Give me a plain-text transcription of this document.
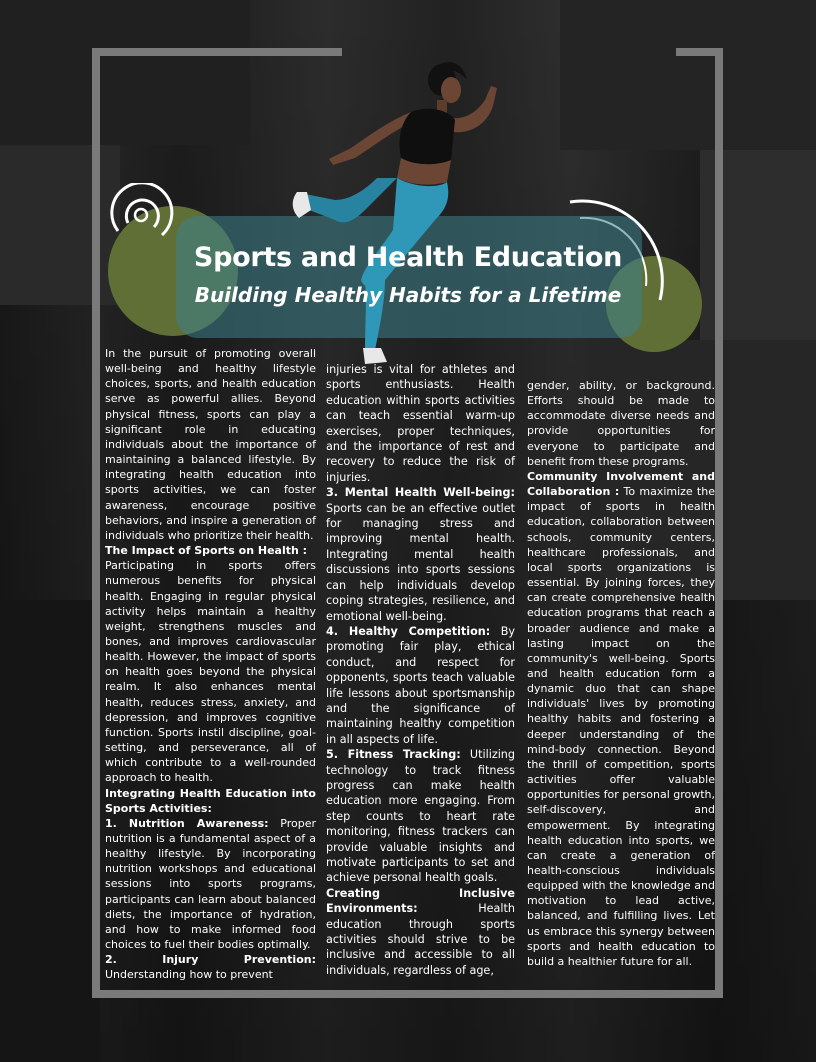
Sports and Health Education
Building Healthy Habits for a Lifetime

In the pursuit of promoting overall well-being and healthy lifestyle choices, sports, and health education serve as powerful allies. Beyond physical fitness, sports can play a significant role in educating individuals about the importance of maintaining a balanced lifestyle. By integrating health education into sports activities, we can foster awareness, encourage positive behaviors, and inspire a generation of individuals who prioritize their health.

The Impact of Sports on Health :

Participating in sports offers numerous benefits for physical health. Engaging in regular physical activity helps maintain a healthy weight, strengthens muscles and bones, and improves cardiovascular health. However, the impact of sports on health goes beyond the physical realm. It also enhances mental health, reduces stress, anxiety, and depression, and improves cognitive function. Sports instil discipline, goal-setting, and perseverance, all of which contribute to a well-rounded approach to health.

Integrating Health Education into Sports Activities:

1. Nutrition Awareness: Proper nutrition is a fundamental aspect of a healthy lifestyle. By incorporating nutrition workshops and educational sessions into sports programs, participants can learn about balanced diets, the importance of hydration, and how to make informed food choices to fuel their bodies optimally.

2. Injury Prevention: Understanding how to prevent

injuries is vital for athletes and sports enthusiasts. Health education within sports activities can teach essential warm-up exercises, proper techniques, and the importance of rest and recovery to reduce the risk of injuries.

3. Mental Health Well-being: Sports can be an effective outlet for managing stress and improving mental health. Integrating mental health discussions into sports sessions can help individuals develop coping strategies, resilience, and emotional well-being.

4. Healthy Competition: By promoting fair play, ethical conduct, and respect for opponents, sports teach valuable life lessons about sportsmanship and the significance of maintaining healthy competition in all aspects of life.

5. Fitness Tracking: Utilizing technology to track fitness progress can make health education more engaging. From step counts to heart rate monitoring, fitness trackers can provide valuable insights and motivate participants to set and achieve personal health goals.

Creating Inclusive Environments: Health education through sports activities should strive to be inclusive and accessible to all individuals, regardless of age,

gender, ability, or background. Efforts should be made to accommodate diverse needs and provide opportunities for everyone to participate and benefit from these programs.

Community Involvement and Collaboration : To maximize the impact of sports in health education, collaboration between schools, community centers, healthcare professionals, and local sports organizations is essential. By joining forces, they can create comprehensive health education programs that reach a broader audience and make a lasting impact on the community's well-being. Sports and health education form a dynamic duo that can shape individuals' lives by promoting healthy habits and fostering a deeper understanding of the mind-body connection. Beyond the thrill of competition, sports activities offer valuable opportunities for personal growth, self-discovery, and empowerment. By integrating health education into sports, we can create a generation of health-conscious individuals equipped with the knowledge and motivation to lead active, balanced, and fulfilling lives. Let us embrace this synergy between sports and health education to build a healthier future for all.
